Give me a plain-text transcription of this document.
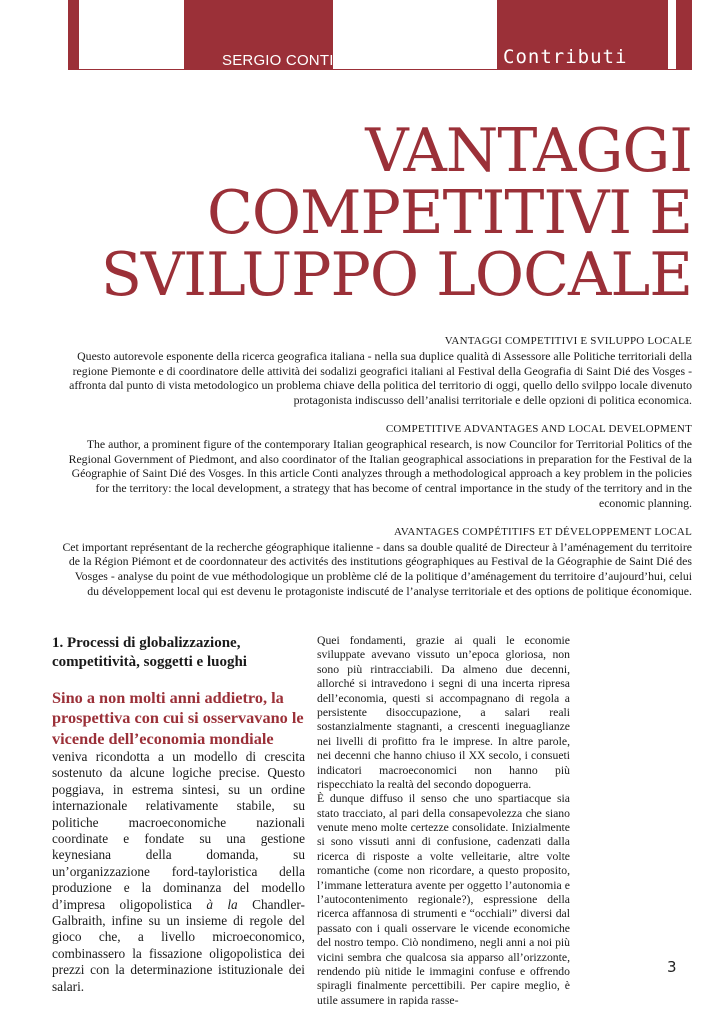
SERGIO CONTI	Contributi
VANTAGGI
COMPETITIVI E
SVILUPPO LOCALE
VANTAGGI COMPETITIVI E SVILUPPO LOCALE
Questo autorevole esponente della ricerca geografica italiana - nella sua duplice qualità di Assessore alle Politiche territoriali della regione Piemonte e di coordinatore delle attività dei sodalizi geografici italiani al Festival della Geografia di Saint Dié des Vosges - affronta dal punto di vista metodologico un problema chiave della politica del territorio di oggi, quello dello svilppo locale divenuto protagonista indiscusso dell’analisi territoriale e delle opzioni di politica economica.
COMPETITIVE ADVANTAGES AND LOCAL DEVELOPMENT
The author, a prominent figure of the contemporary Italian geographical research, is now Councilor for Territorial Politics of the Regional Government of Piedmont, and also coordinator of the Italian geographical associations in preparation for the Festival de la Géographie of Saint Dié des Vosges. In this article Conti analyzes through a methodological approach a key problem in the policies for the territory: the local development, a strategy that has become of central importance in the study of the territory and in the economic planning.
AVANTAGES COMPÉTITIFS ET DÉVELOPPEMENT LOCAL
Cet important représentant de la recherche géographique italienne - dans sa double qualité de Directeur à l’aménagement du territoire de la Région Piémont et de coordonnateur des activités des institutions géographiques au Festival de la Géographie de Saint Dié des Vosges - analyse du point de vue méthodologique un problème clé de la politique d’aménagement du territoire d’aujourd’hui, celui du développement local qui est devenu le protagoniste indiscuté de l’analyse territoriale et des options de politique économique.
1. Processi di globalizzazione, competitività, soggetti e luoghi
Sino a non molti anni addietro, la prospettiva con cui si osservavano le vicende dell’economia mondiale

veniva ricondotta a un modello di crescita sostenuto da alcune logiche precise. Questo poggiava, in estrema sintesi, su un ordine internazionale relativamente stabile, su politiche macroeconomiche nazionali coordinate e fondate su una gestione keynesiana della domanda, su un’organizzazione ford-tayloristica della produzione e la dominanza del modello d’impresa oligopolistica à la Chandler-Galbraith, infine su un insieme di regole del gioco che, a livello microeconomico, combinassero la fissazione oligopolistica dei prezzi con la determinazione istituzionale dei salari.

Quei fondamenti, grazie ai quali le economie sviluppate avevano vissuto un’epoca gloriosa, non sono più rintracciabili. Da almeno due decenni, allorché si intravedono i segni di una incerta ripresa dell’economia, questi si accompagnano di regola a persistente disoccupazione, a salari reali sostanzialmente stagnanti, a crescenti ineguaglianze nei livelli di profitto fra le imprese. In altre parole, nei decenni che hanno chiuso il XX secolo, i consueti indicatori macroeconomici non hanno più rispecchiato la realtà del secondo dopoguerra.

È dunque diffuso il senso che uno spartiacque sia stato tracciato, al pari della consapevolezza che siano venute meno molte certezze consolidate. Inizialmente si sono vissuti anni di confusione, cadenzati dalla ricerca di risposte a volte velleitarie, altre volte romantiche (come non ricordare, a questo proposito, l’immane letteratura avente per oggetto l’autonomia e l’autocontenimento regionale?), espressione della ricerca affannosa di strumenti e “occhiali” diversi dal passato con i quali osservare le vicende economiche del nostro tempo. Ciò nondimeno, negli anni a noi più vicini sembra che qualcosa sia apparso all’orizzonte, rendendo più nitide le immagini confuse e offrendo spiragli finalmente percettibili. Per capire meglio, è utile assumere in rapida rasse-

3
